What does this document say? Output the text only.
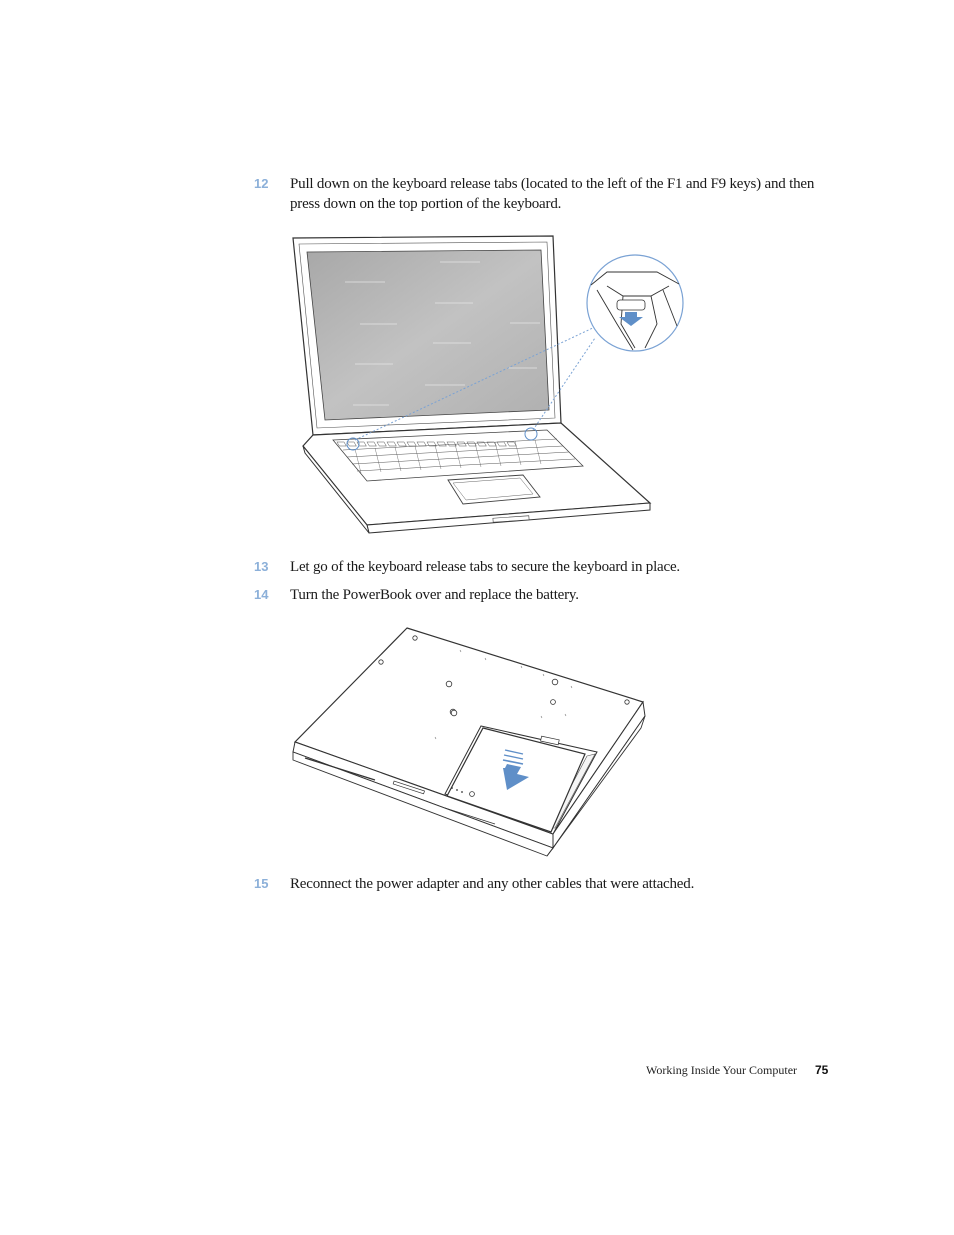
12	Pull down on the keyboard release tabs (located to the left of the F1 and F9 keys) and then press down on the top portion of the keyboard.
13	Let go of the keyboard release tabs to secure the keyboard in place.
14	Turn the PowerBook over and replace the battery.
15	Reconnect the power adapter and any other cables that were attached.
Working Inside Your Computer 75
